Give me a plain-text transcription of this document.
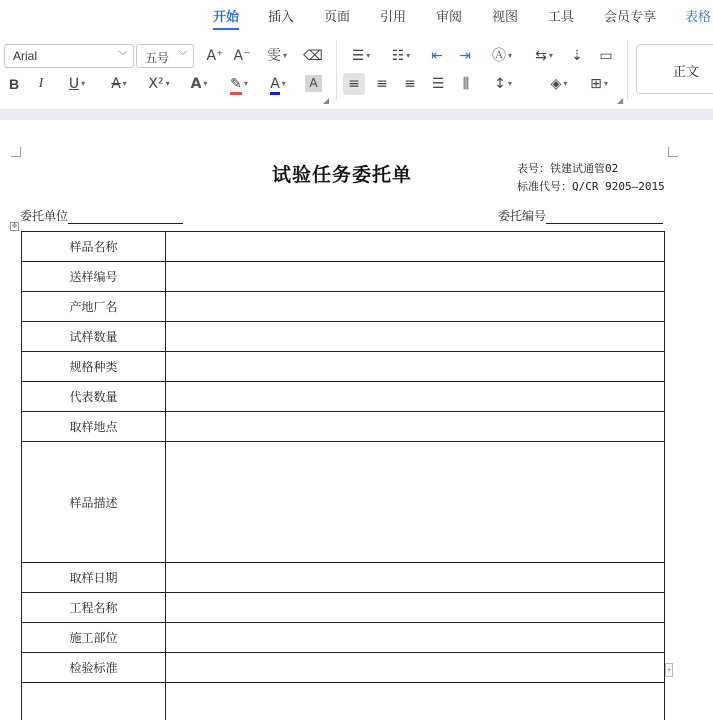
开始 插入 页面 引用 审阅 视图 工具 会员专享 表格
Arial	⌵	五号 ⌵ A⁺ A⁻	雯 ▾	⌫	☰ ▾	☷ ▾	⇤ ⇥	Ⓐ ▾	⇆ ▾	⇣	▭
B	I	U ▾	A ▾	X² ▾	A ▾	✎ ▾	A ▾	A	≡	≡	≡	☰	⫼	↕ ▾	◈ ▾	⊞ ▾
◢	◢
正文
试验任务委托单	表号：铁建试通管02
标准代号：Q/CR 9205—2015
委托单位	委托编号
✥
样品名称	
送样编号	
产地厂名	
试样数量	
规格种类	
代表数量	
取样地点	
样品描述	
取样日期	
工程名称	
施工部位	
检验标准	
		+
